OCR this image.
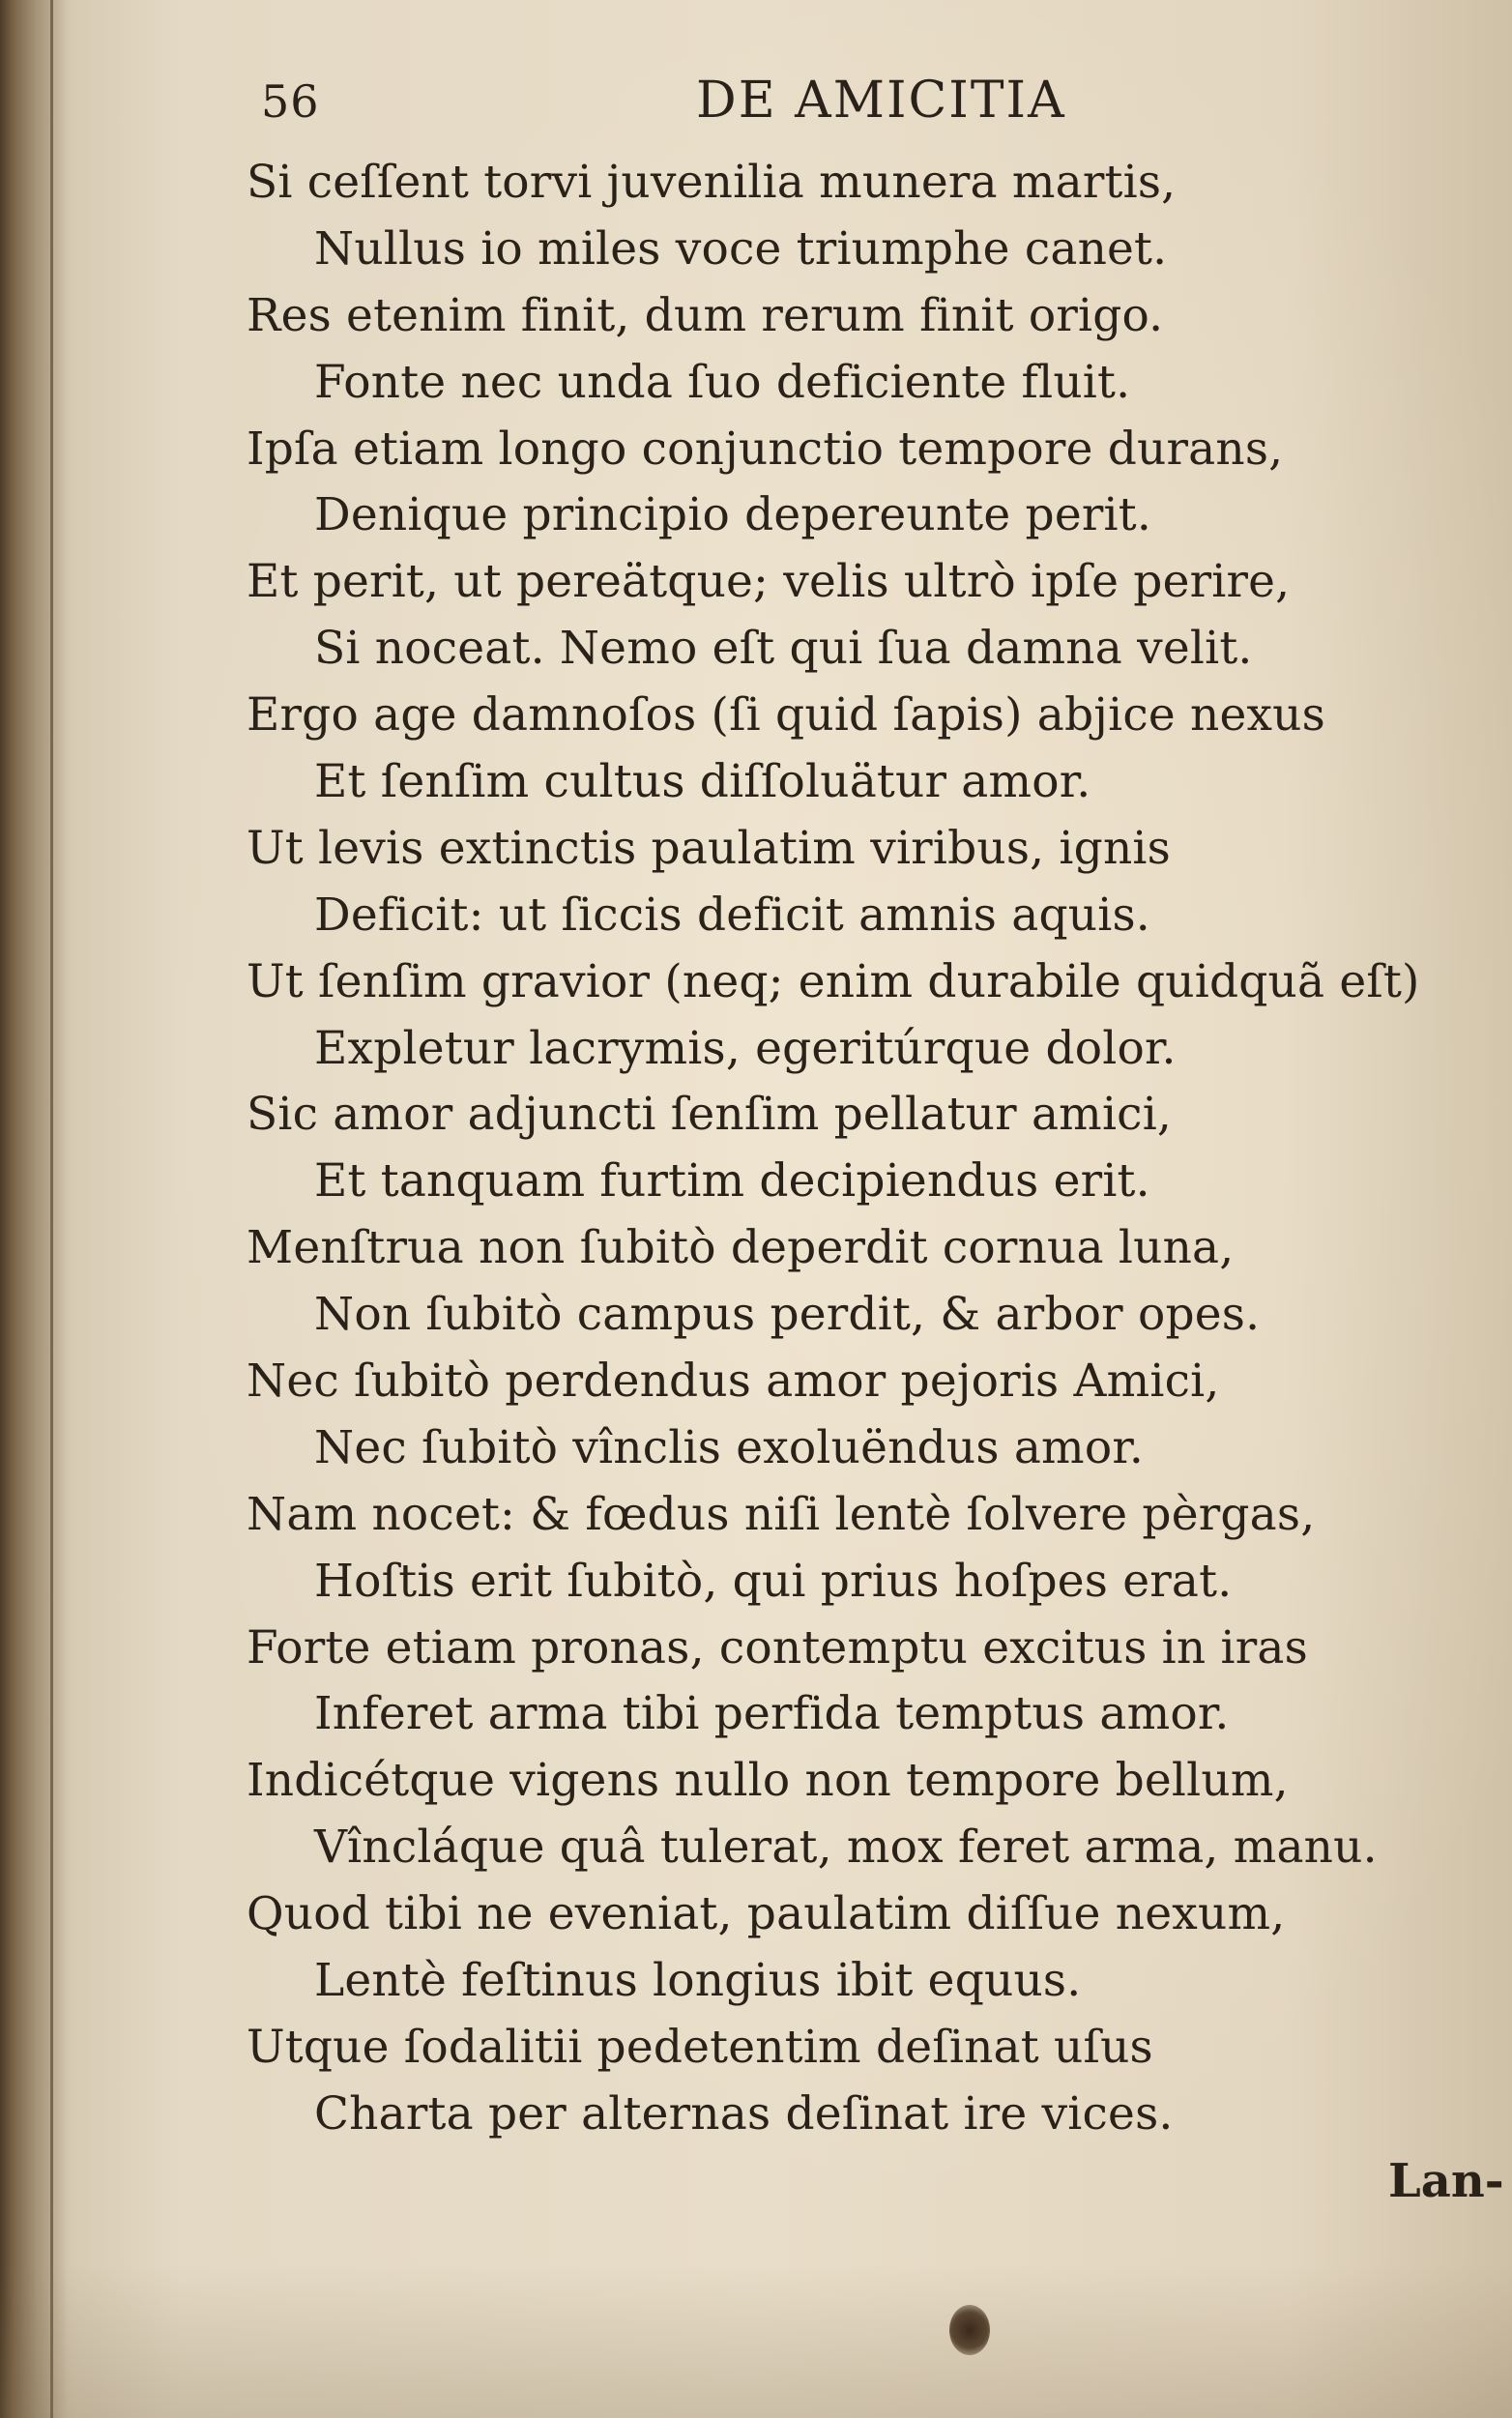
56	DE AMICITIA
Si ceſſent torvi juvenilia munera martis,
Nullus io miles voce triumphe canet.
Res etenim finit, dum rerum finit origo.
Fonte nec unda ſuo deficiente fluit.
Ipſa etiam longo conjunctio tempore durans,
Denique principio depereunte perit.
Et perit, ut pereätque; velis ultrò ipſe perire,
Si noceat. Nemo eſt qui ſua damna velit.
Ergo age damnoſos (ſi quid ſapis) abjice nexus
Et ſenſim cultus diſſoluätur amor.
Ut levis extinctis paulatim viribus, ignis
Deficit: ut ſiccis deficit amnis aquis.
Ut ſenſim gravior (neq; enim durabile quidquã eſt)
Expletur lacrymis, egeritúrque dolor.
Sic amor adjuncti ſenſim pellatur amici,
Et tanquam furtim decipiendus erit.
Menſtrua non ſubitò deperdit cornua luna,
Non ſubitò campus perdit, & arbor opes.
Nec ſubitò perdendus amor pejoris Amici,
Nec ſubitò vînclis exoluëndus amor.
Nam nocet: & fœdus niſi lentè ſolvere pèrgas,
Hoſtis erit ſubitò, qui prius hoſpes erat.
Forte etiam pronas, contemptu excitus in iras
Inferet arma tibi perfida temptus amor.
Indicétque vigens nullo non tempore bellum,
Vîncláque quâ tulerat, mox feret arma, manu.
Quod tibi ne eveniat, paulatim diſſue nexum,
Lentè feſtinus longius ibit equus.
Utque ſodalitii pedetentim deſinat uſus
Charta per alternas deſinat ire vices.
Lan-
